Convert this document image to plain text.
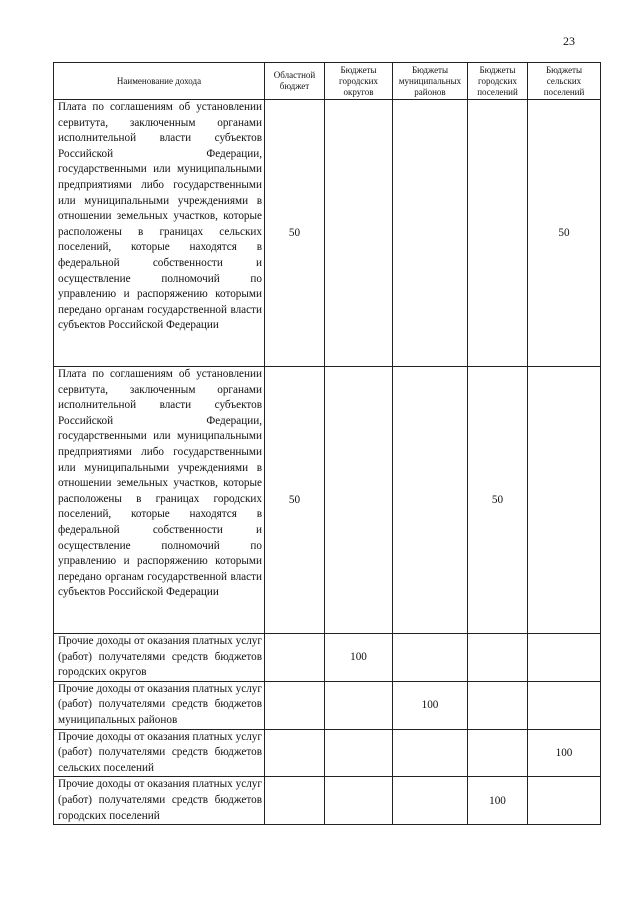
23
Наименование дохода	Областной бюджет	Бюджеты городских округов	Бюджеты муниципальных районов	Бюджеты городских поселений	Бюджеты сельских поселений
Плата по соглашениям об установлении сервитута, заключенным органами исполнительной власти субъектов Российской Федерации, государственными или муниципальными предприятиями либо государственными или муниципальными учреждениями в отношении земельных участков, которые расположены в границах сельских поселений, которые находятся в федеральной собственности и осуществление полномочий по управлению и распоряжению которыми передано органам государственной власти субъектов Российской Федерации	50				50
Плата по соглашениям об установлении сервитута, заключенным органами исполнительной власти субъектов Российской Федерации, государственными или муниципальными предприятиями либо государственными или муниципальными учреждениями в отношении земельных участков, которые расположены в границах городских поселений, которые находятся в федеральной собственности и осуществление полномочий по управлению и распоряжению которыми передано органам государственной власти субъектов Российской Федерации	50			50	
Прочие доходы от оказания платных услуг (работ) получателями средств бюджетов городских округов		100			
Прочие доходы от оказания платных услуг (работ) получателями средств бюджетов муниципальных районов			100		
Прочие доходы от оказания платных услуг (работ) получателями средств бюджетов сельских поселений					100
Прочие доходы от оказания платных услуг (работ) получателями средств бюджетов городских поселений				100	
